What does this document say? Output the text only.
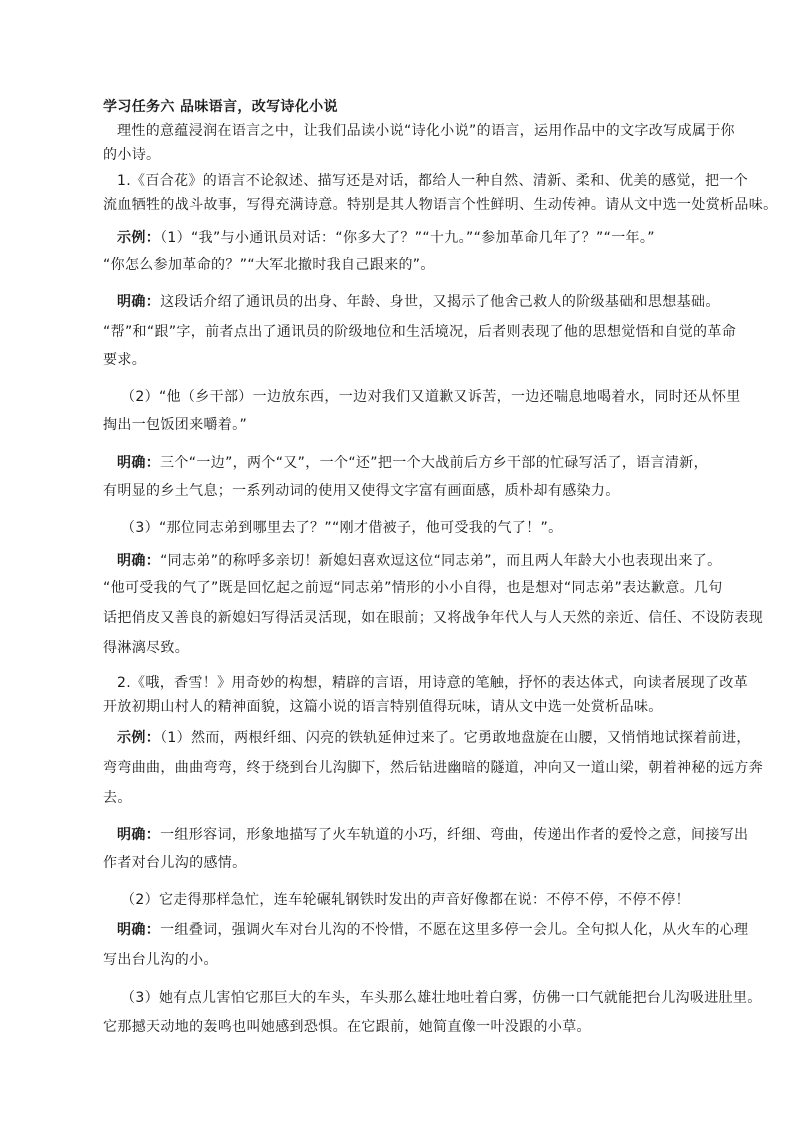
学习任务六 品味语言，改写诗化小说
理性的意蕴浸润在语言之中，让我们品读小说“诗化小说”的语言，运用作品中的文字改写成属于你
的小诗。
1.《百合花》的语言不论叙述、描写还是对话，都给人一种自然、清新、柔和、优美的感觉，把一个
流血牺牲的战斗故事，写得充满诗意。特别是其人物语言个性鲜明、生动传神。请从文中选一处赏析品味。
示例：（1）“我”与小通讯员对话：“你多大了？”“十九。”“参加革命几年了？”“一年。”
“你怎么参加革命的？”“大军北撤时我自己跟来的”。
明确：这段话介绍了通讯员的出身、年龄、身世，又揭示了他舍己救人的阶级基础和思想基础。
“帮”和“跟”字，前者点出了通讯员的阶级地位和生活境况，后者则表现了他的思想觉悟和自觉的革命
要求。
（2）“他（乡干部）一边放东西，一边对我们又道歉又诉苦，一边还喘息地喝着水，同时还从怀里
掏出一包饭团来嚼着。”
明确：三个“一边”，两个“又”，一个“还”把一个大战前后方乡干部的忙碌写活了，语言清新，
有明显的乡土气息；一系列动词的使用又使得文字富有画面感，质朴却有感染力。
（3）“那位同志弟到哪里去了？”“刚才借被子，他可受我的气了！”。
明确：“同志弟”的称呼多亲切！新媳妇喜欢逗这位“同志弟”，而且两人年龄大小也表现出来了。
“他可受我的气了”既是回忆起之前逗“同志弟”情形的小小自得，也是想对“同志弟”表达歉意。几句
话把俏皮又善良的新媳妇写得活灵活现，如在眼前；又将战争年代人与人天然的亲近、信任、不设防表现
得淋漓尽致。
2.《哦，香雪！》用奇妙的构想，精辟的言语，用诗意的笔触，抒怀的表达体式，向读者展现了改革
开放初期山村人的精神面貌，这篇小说的语言特别值得玩味，请从文中选一处赏析品味。
示例：（1）然而，两根纤细、闪亮的铁轨延伸过来了。它勇敢地盘旋在山腰，又悄悄地试探着前进，
弯弯曲曲，曲曲弯弯，终于绕到台儿沟脚下，然后钻进幽暗的隧道，冲向又一道山梁，朝着神秘的远方奔
去。
明确：一组形容词，形象地描写了火车轨道的小巧，纤细、弯曲，传递出作者的爱怜之意，间接写出
作者对台儿沟的感情。
（2）它走得那样急忙，连车轮碾轧钢铁时发出的声音好像都在说：不停不停，不停不停！
明确：一组叠词，强调火车对台儿沟的不怜惜，不愿在这里多停一会儿。全句拟人化，从火车的心理
写出台儿沟的小。
（3）她有点儿害怕它那巨大的车头，车头那么雄壮地吐着白雾，仿佛一口气就能把台儿沟吸进肚里。
它那撼天动地的轰鸣也叫她感到恐惧。在它跟前，她简直像一叶没跟的小草。
